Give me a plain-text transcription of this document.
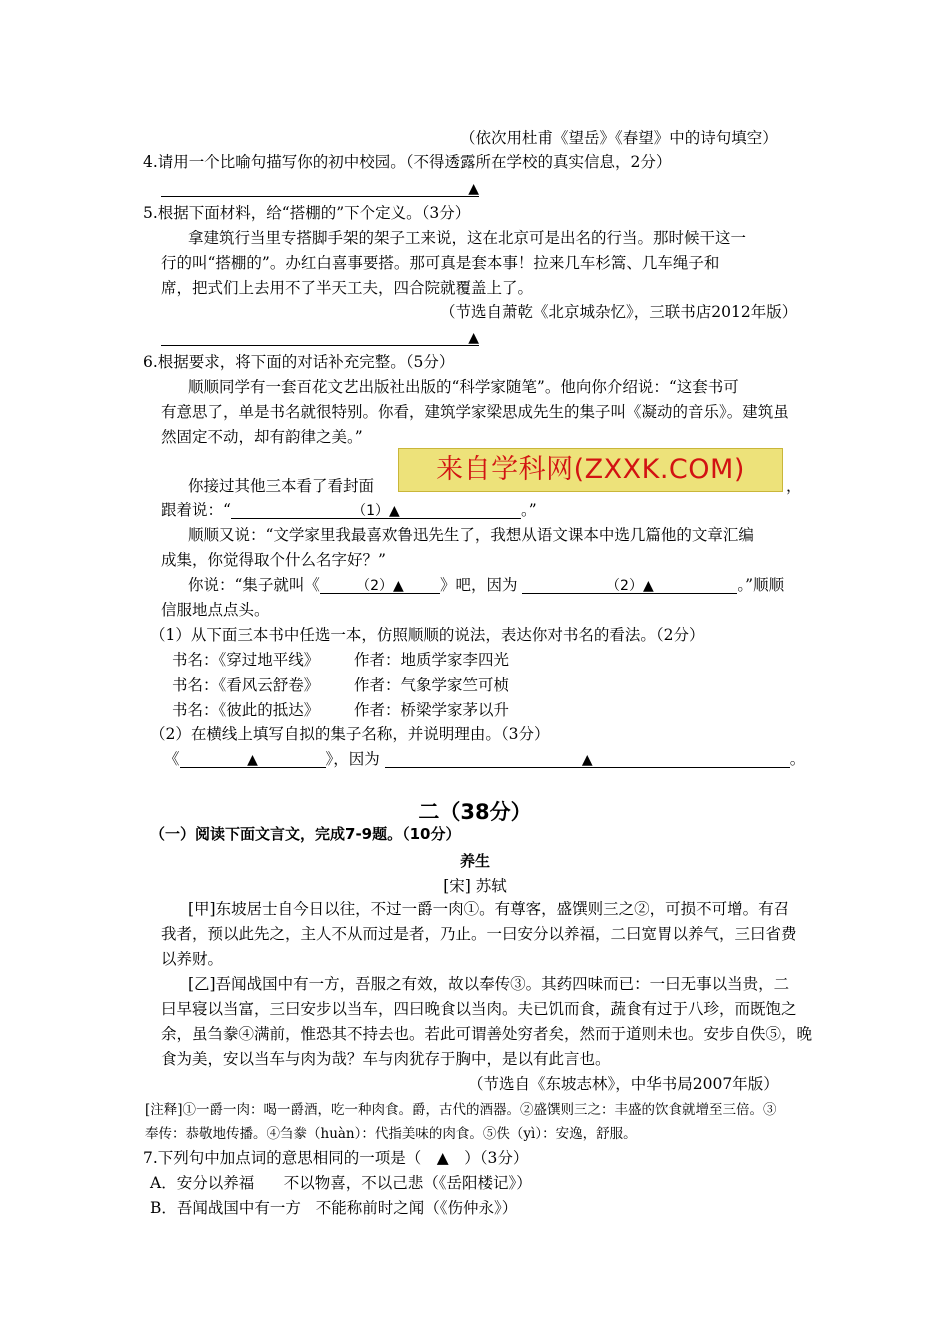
（依次用杜甫《望岳》《春望》中的诗句填空）
4.请用一个比喻句描写你的初中校园。（不得透露所在学校的真实信息，2分）
▲
5.根据下面材料，给“搭棚的”下个定义。（3分）
拿建筑行当里专搭脚手架的架子工来说，这在北京可是出名的行当。那时候干这一
行的叫“搭棚的”。办红白喜事要搭。那可真是套本事！拉来几车杉篙、几车绳子和
席，把式们上去用不了半天工夫，四合院就覆盖上了。
（节选自萧乾《北京城杂忆》，三联书店2012年版）
▲
6.根据要求，将下面的对话补充完整。（5分）
顺顺同学有一套百花文艺出版社出版的“科学家随笔”。他向你介绍说：“这套书可
有意思了，单是书名就很特别。你看，建筑学家梁思成先生的集子叫《凝动的音乐》。建筑虽
然固定不动，却有韵律之美。”
你接过其他三本看了看封面
来自学科网(ZXXK.COM)
，
跟着说：“	（1）▲	。”
顺顺又说：“文学家里我最喜欢鲁迅先生了，我想从语文课本中选几篇他的文章汇编
成集，你觉得取个什么名字好？”
你说：“集子就叫《	（2）▲ 》吧，因为	（2）▲	。”顺顺
信服地点点头。
（1）从下面三本书中任选一本，仿照顺顺的说法，表达你对书名的看法。（2分）
书名：《穿过地平线》 作者：地质学家李四光
书名：《看风云舒卷》 作者：气象学家竺可桢
书名：《彼此的抵达》 作者：桥梁学家茅以升
（2）在横线上填写自拟的集子名称，并说明理由。（3分）
《	▲	》，因为	▲	。
二（38分）
（一）阅读下面文言文，完成7-9题。（10分）
养生
[宋] 苏轼
[甲]东坡居士自今日以往，不过一爵一肉①。有尊客，盛馔则三之②，可损不可增。有召
我者，预以此先之，主人不从而过是者，乃止。一曰安分以养福，二曰宽胃以养气，三曰省费
以养财。
[乙]吾闻战国中有一方，吾服之有效，故以奉传③。其药四味而已：一曰无事以当贵，二
曰早寝以当富，三曰安步以当车，四曰晚食以当肉。夫已饥而食，蔬食有过于八珍，而既饱之
余，虽刍豢④满前，惟恐其不持去也。若此可谓善处穷者矣，然而于道则未也。安步自佚⑤，晚
食为美，安以当车与肉为哉？车与肉犹存于胸中，是以有此言也。
（节选自《东坡志林》，中华书局2007年版）
[注释]①一爵一肉：喝一爵酒，吃一种肉食。爵，古代的酒器。②盛馔则三之：丰盛的饮食就增至三倍。③
奉传：恭敬地传播。④刍豢（huàn）：代指美味的肉食。⑤佚（yì）：安逸，舒服。
7.下列句中加点词的意思相同的一项是（　▲　）（3分）
A．安分以养福 不以物喜，不以己悲（《岳阳楼记》）
B．吾闻战国中有一方 不能称前时之闻（《伤仲永》）
